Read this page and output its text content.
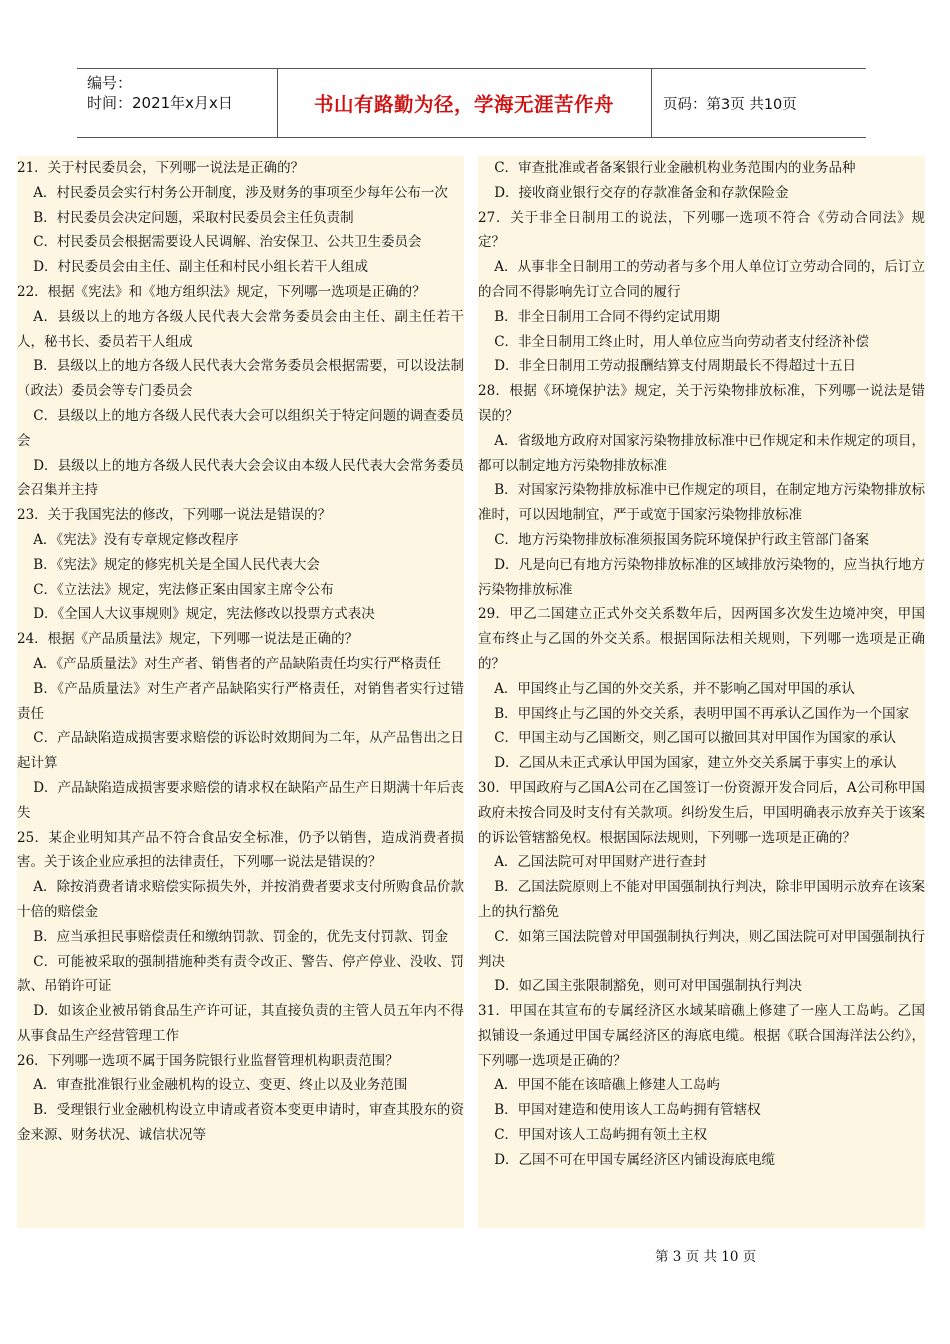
编号：
时间：2021年x月x日	书山有路勤为径，学海无涯苦作舟	页码：第3页 共10页

21．关于村民委员会，下列哪一说法是正确的？

A．村民委员会实行村务公开制度，涉及财务的事项至少每年公布一次

B．村民委员会决定问题，采取村民委员会主任负责制

C．村民委员会根据需要设人民调解、治安保卫、公共卫生委员会

D．村民委员会由主任、副主任和村民小组长若干人组成

22．根据《宪法》和《地方组织法》规定，下列哪一选项是正确的？

A．县级以上的地方各级人民代表大会常务委员会由主任、副主任若干人，秘书长、委员若干人组成

B．县级以上的地方各级人民代表大会常务委员会根据需要，可以设法制（政法）委员会等专门委员会

C．县级以上的地方各级人民代表大会可以组织关于特定问题的调查委员会

D．县级以上的地方各级人民代表大会会议由本级人民代表大会常务委员会召集并主持

23．关于我国宪法的修改，下列哪一说法是错误的？

A．《宪法》没有专章规定修改程序

B．《宪法》规定的修宪机关是全国人民代表大会

C．《立法法》规定，宪法修正案由国家主席令公布

D．《全国人大议事规则》规定，宪法修改以投票方式表决

24．根据《产品质量法》规定，下列哪一说法是正确的？

A．《产品质量法》对生产者、销售者的产品缺陷责任均实行严格责任

B．《产品质量法》对生产者产品缺陷实行严格责任，对销售者实行过错责任

C．产品缺陷造成损害要求赔偿的诉讼时效期间为二年，从产品售出之日起计算

D．产品缺陷造成损害要求赔偿的请求权在缺陷产品生产日期满十年后丧失

25．某企业明知其产品不符合食品安全标准，仍予以销售，造成消费者损害。关于该企业应承担的法律责任，下列哪一说法是错误的？

A．除按消费者请求赔偿实际损失外，并按消费者要求支付所购食品价款十倍的赔偿金

B．应当承担民事赔偿责任和缴纳罚款、罚金的，优先支付罚款、罚金

C．可能被采取的强制措施种类有责令改正、警告、停产停业、没收、罚款、吊销许可证

D．如该企业被吊销食品生产许可证，其直接负责的主管人员五年内不得从事食品生产经营管理工作

26．下列哪一选项不属于国务院银行业监督管理机构职责范围？

A．审查批准银行业金融机构的设立、变更、终止以及业务范围

B．受理银行业金融机构设立申请或者资本变更申请时，审查其股东的资金来源、财务状况、诚信状况等

C．审查批准或者备案银行业金融机构业务范围内的业务品种

D．接收商业银行交存的存款准备金和存款保险金

27．关于非全日制用工的说法，下列哪一选项不符合《劳动合同法》规定？

A．从事非全日制用工的劳动者与多个用人单位订立劳动合同的，后订立的合同不得影响先订立合同的履行

B．非全日制用工合同不得约定试用期

C．非全日制用工终止时，用人单位应当向劳动者支付经济补偿

D．非全日制用工劳动报酬结算支付周期最长不得超过十五日

28．根据《环境保护法》规定，关于污染物排放标准，下列哪一说法是错误的？

A．省级地方政府对国家污染物排放标准中已作规定和未作规定的项目，都可以制定地方污染物排放标准

B．对国家污染物排放标准中已作规定的项目，在制定地方污染物排放标准时，可以因地制宜，严于或宽于国家污染物排放标准

C．地方污染物排放标准须报国务院环境保护行政主管部门备案

D．凡是向已有地方污染物排放标准的区域排放污染物的，应当执行地方污染物排放标准

29．甲乙二国建立正式外交关系数年后，因两国多次发生边境冲突，甲国宣布终止与乙国的外交关系。根据国际法相关规则，下列哪一选项是正确的？

A．甲国终止与乙国的外交关系，并不影响乙国对甲国的承认

B．甲国终止与乙国的外交关系，表明甲国不再承认乙国作为一个国家

C．甲国主动与乙国断交，则乙国可以撤回其对甲国作为国家的承认

D．乙国从未正式承认甲国为国家，建立外交关系属于事实上的承认

30．甲国政府与乙国A公司在乙国签订一份资源开发合同后，A公司称甲国政府未按合同及时支付有关款项。纠纷发生后，甲国明确表示放弃关于该案的诉讼管辖豁免权。根据国际法规则，下列哪一选项是正确的？

A．乙国法院可对甲国财产进行查封

B．乙国法院原则上不能对甲国强制执行判决，除非甲国明示放弃在该案上的执行豁免

C．如第三国法院曾对甲国强制执行判决，则乙国法院可对甲国强制执行判决

D．如乙国主张限制豁免，则可对甲国强制执行判决

31．甲国在其宣布的专属经济区水域某暗礁上修建了一座人工岛屿。乙国拟铺设一条通过甲国专属经济区的海底电缆。根据《联合国海洋法公约》，下列哪一选项是正确的？

A．甲国不能在该暗礁上修建人工岛屿

B．甲国对建造和使用该人工岛屿拥有管辖权

C．甲国对该人工岛屿拥有领土主权

D．乙国不可在甲国专属经济区内铺设海底电缆

第 3 页 共 10 页
